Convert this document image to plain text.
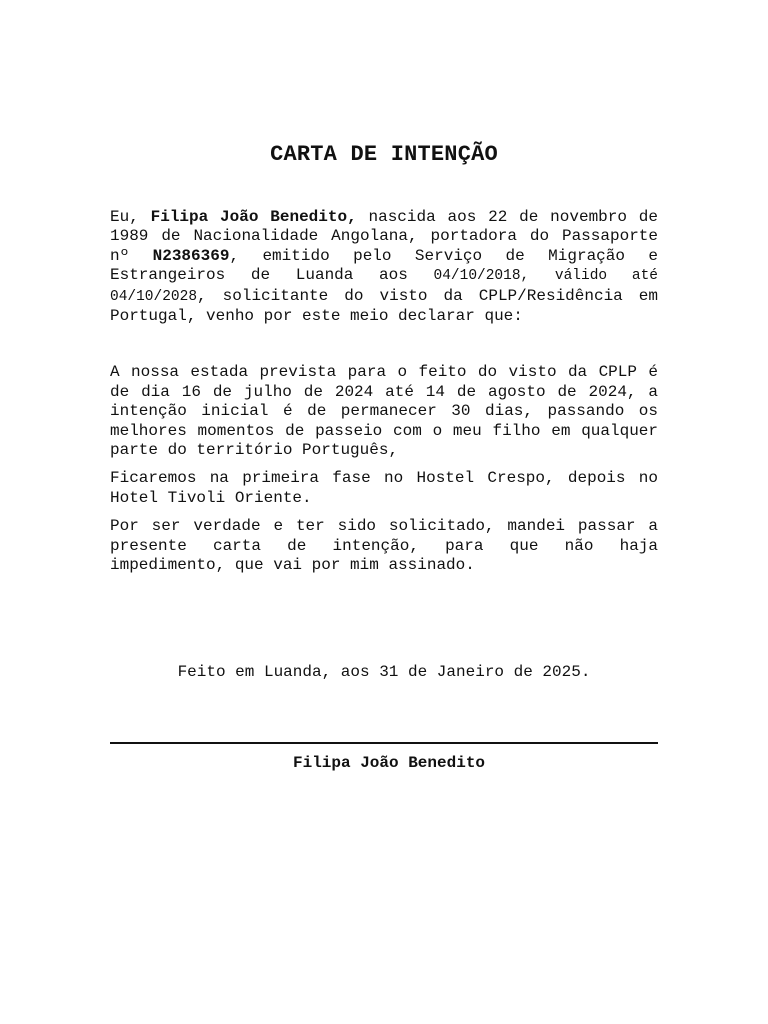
CARTA DE INTENÇÃO

Eu, Filipa João Benedito, nascida aos 22 de novembro de 1989 de Nacionalidade Angolana, portadora do Passaporte nº N2386369, emitido pelo Serviço de Migração e Estrangeiros de Luanda aos 04/10/2018, válido até 04/10/2028, solicitante do visto da CPLP/Residência em Portugal, venho por este meio declarar que:

A nossa estada prevista para o feito do visto da CPLP é de dia 16 de julho de 2024 até 14 de agosto de 2024, a intenção inicial é de permanecer 30 dias, passando os melhores momentos de passeio com o meu filho em qualquer parte do território Português,

Ficaremos na primeira fase no Hostel Crespo, depois no Hotel Tivoli Oriente.

Por ser verdade e ter sido solicitado, mandei passar a presente carta de intenção, para que não haja impedimento, que vai por mim assinado.

Feito em Luanda, aos 31 de Janeiro de 2025.
Filipa João Benedito
